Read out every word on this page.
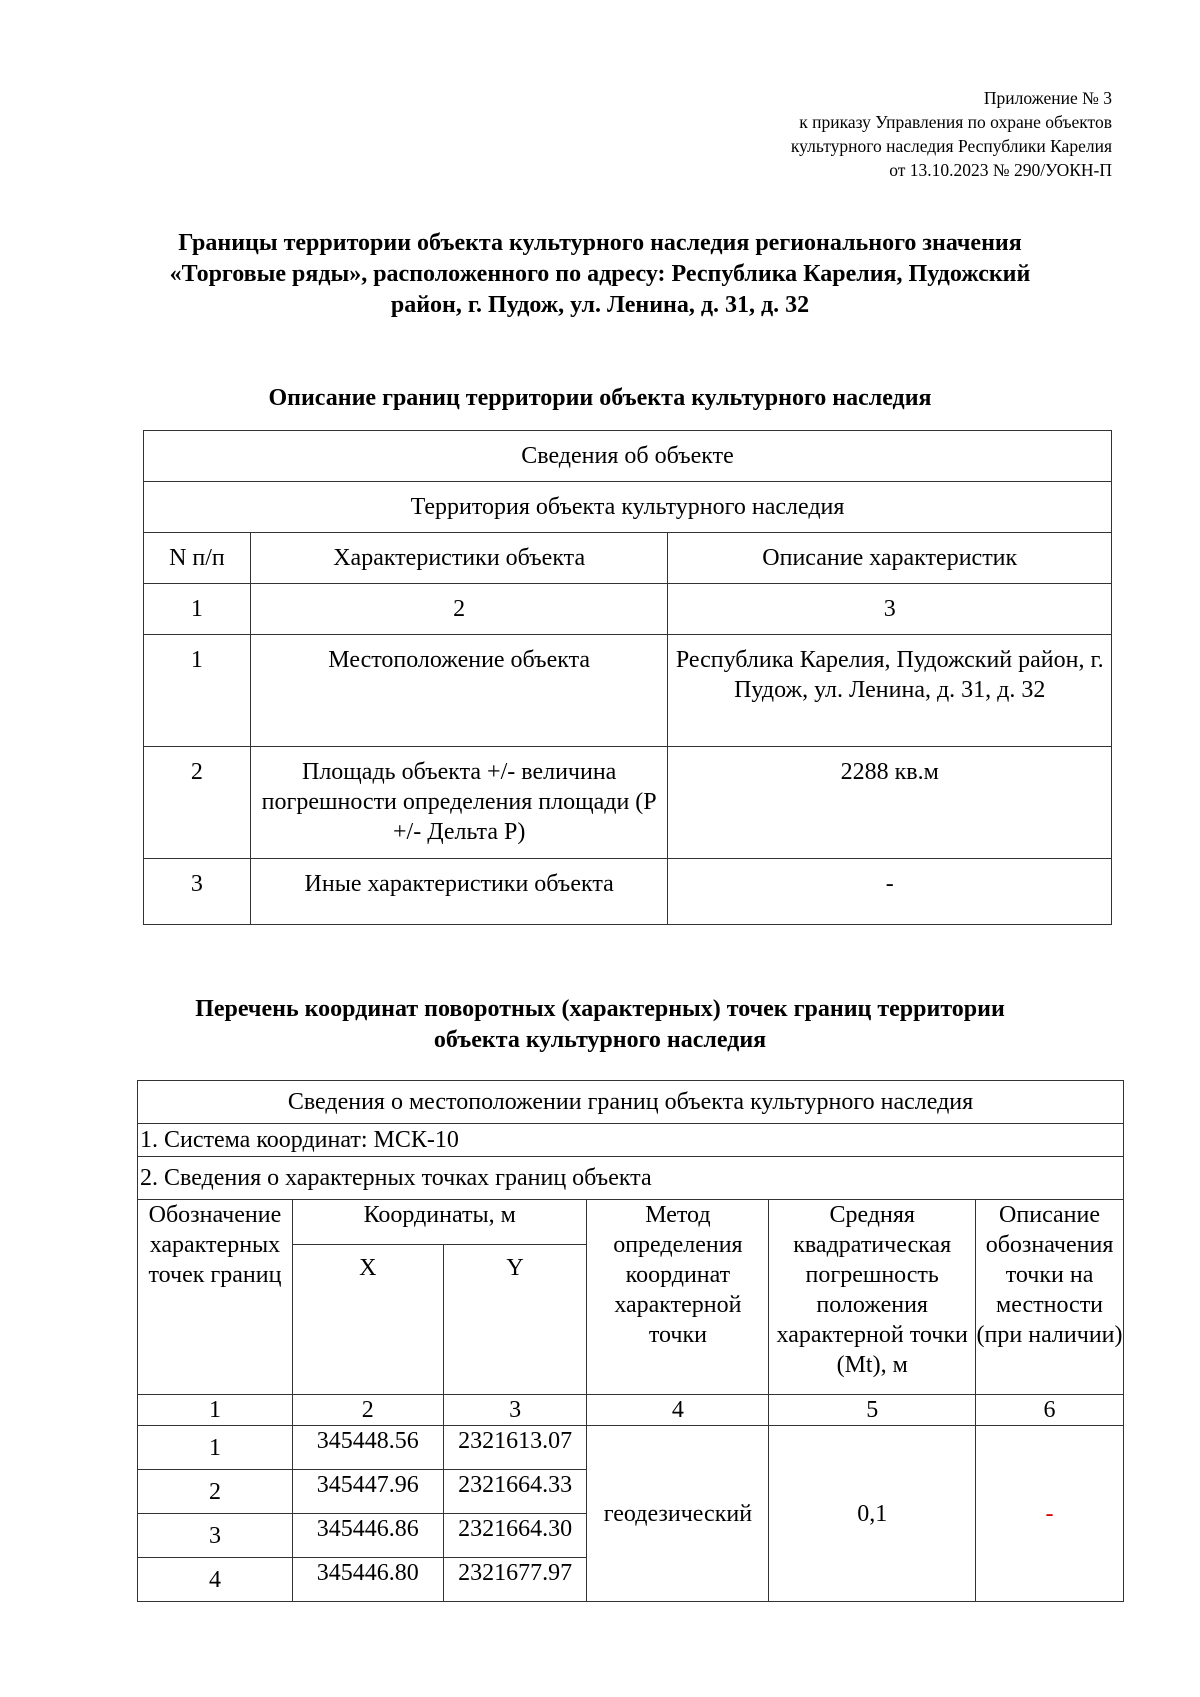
Приложение № 3
к приказу Управления по охране объектов
культурного наследия Республики Карелия
от 13.10.2023 № 290/УОКН-П
Границы территории объекта культурного наследия регионального значения
«Торговые ряды», расположенного по адресу: Республика Карелия, Пудожский
район, г. Пудож, ул. Ленина, д. 31, д. 32
Описание границ территории объекта культурного наследия
Сведения об объекте		
Территория объекта культурного наследия		
N п/п	Характеристики объекта	Описание характеристик
1	2	3
1	Местоположение объекта	Республика Карелия, Пудожский район, г. Пудож, ул. Ленина, д. 31, д. 32
2	Площадь объекта +/- величина погрешности определения площади (P +/- Дельта P)	2288 кв.м
3	Иные характеристики объекта	-
Перечень координат поворотных (характерных) точек границ территории
объекта культурного наследия
Сведения о местоположении границ объекта культурного наследия					
1. Система координат: МСК-10					
2. Сведения о характерных точках границ объекта					
Обозначение характерных точек границ	Координаты, м		Метод определения координат характерной точки	Средняя квадратическая погрешность положения характерной точки (Mt), м	Описание обозначения точки на местности (при наличии)
	X	Y			
1	2	3	4	5	6
1	345448.56	2321613.07	геодезический	0,1	-
2	345447.96	2321664.33			
3	345446.86	2321664.30			
4	345446.80	2321677.97			
